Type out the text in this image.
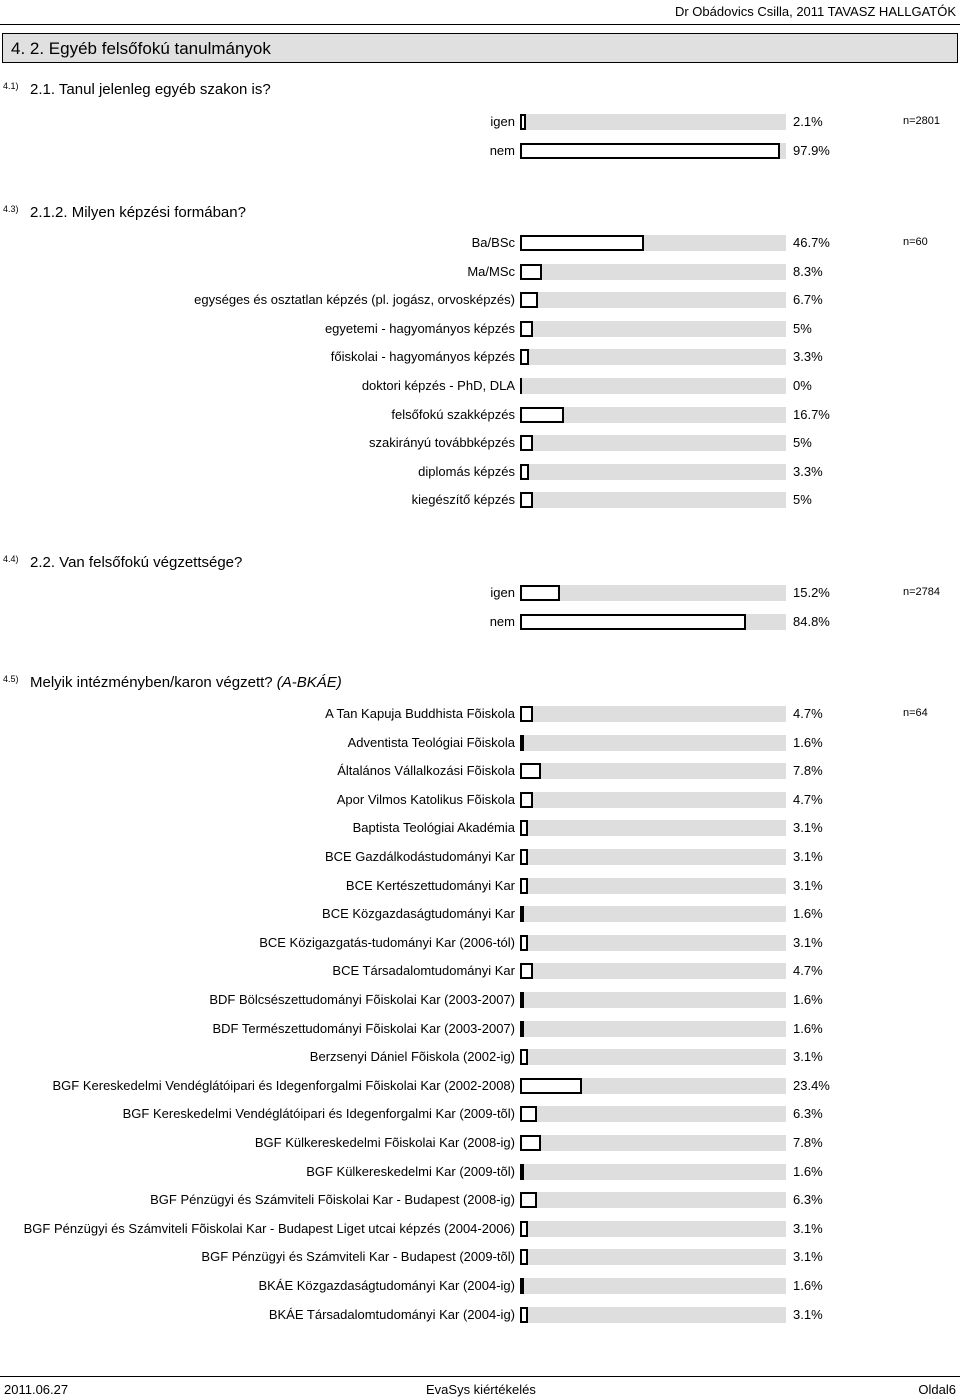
Dr Obádovics Csilla, 2011 TAVASZ HALLGATÓK
4. 2. Egyéb felsőfokú tanulmányok
4.1) 2.1. Tanul jelenleg egyéb szakon is?
n=2801
igen	2.1%
nem	97.9%
4.3) 2.1.2. Milyen képzési formában?
n=60
Ba/BSc	46.7%
Ma/MSc	8.3%
egységes és osztatlan képzés (pl. jogász, orvosképzés)	6.7%
egyetemi - hagyományos képzés	5%
főiskolai - hagyományos képzés	3.3%
doktori képzés - PhD, DLA	0%
felsőfokú szakképzés	16.7%
szakirányú továbbképzés	5%
diplomás képzés	3.3%
kiegészítő képzés	5%
4.4) 2.2. Van felsőfokú végzettsége?
n=2784
igen	15.2%
nem	84.8%
4.5) Melyik intézményben/karon végzett? (A-BKÁE)
n=64
A Tan Kapuja Buddhista Fõiskola	4.7%
Adventista Teológiai Fõiskola	1.6%
Általános Vállalkozási Fõiskola	7.8%
Apor Vilmos Katolikus Fõiskola	4.7%
Baptista Teológiai Akadémia	3.1%
BCE Gazdálkodástudományi Kar	3.1%
BCE Kertészettudományi Kar	3.1%
BCE Közgazdaságtudományi Kar	1.6%
BCE Közigazgatás-tudományi Kar (2006-tól)	3.1%
BCE Társadalomtudományi Kar	4.7%
BDF Bölcsészettudományi Fõiskolai Kar (2003-2007)	1.6%
BDF Természettudományi Fõiskolai Kar (2003-2007)	1.6%
Berzsenyi Dániel Fõiskola (2002-ig)	3.1%
BGF Kereskedelmi Vendéglátóipari és Idegenforgalmi Fõiskolai Kar (2002-2008)	23.4%
BGF Kereskedelmi Vendéglátóipari és Idegenforgalmi Kar (2009-tõl)	6.3%
BGF Külkereskedelmi Fõiskolai Kar (2008-ig)	7.8%
BGF Külkereskedelmi Kar (2009-tõl)	1.6%
BGF Pénzügyi és Számviteli Fõiskolai Kar - Budapest (2008-ig)	6.3%
BGF Pénzügyi és Számviteli Fõiskolai Kar - Budapest Liget utcai képzés (2004-2006)	3.1%
BGF Pénzügyi és Számviteli Kar - Budapest (2009-tõl)	3.1%
BKÁE Közgazdaságtudományi Kar (2004-ig)	1.6%
BKÁE Társadalomtudományi Kar (2004-ig)	3.1%
2011.06.27	EvaSys kiértékelés	Oldal6
